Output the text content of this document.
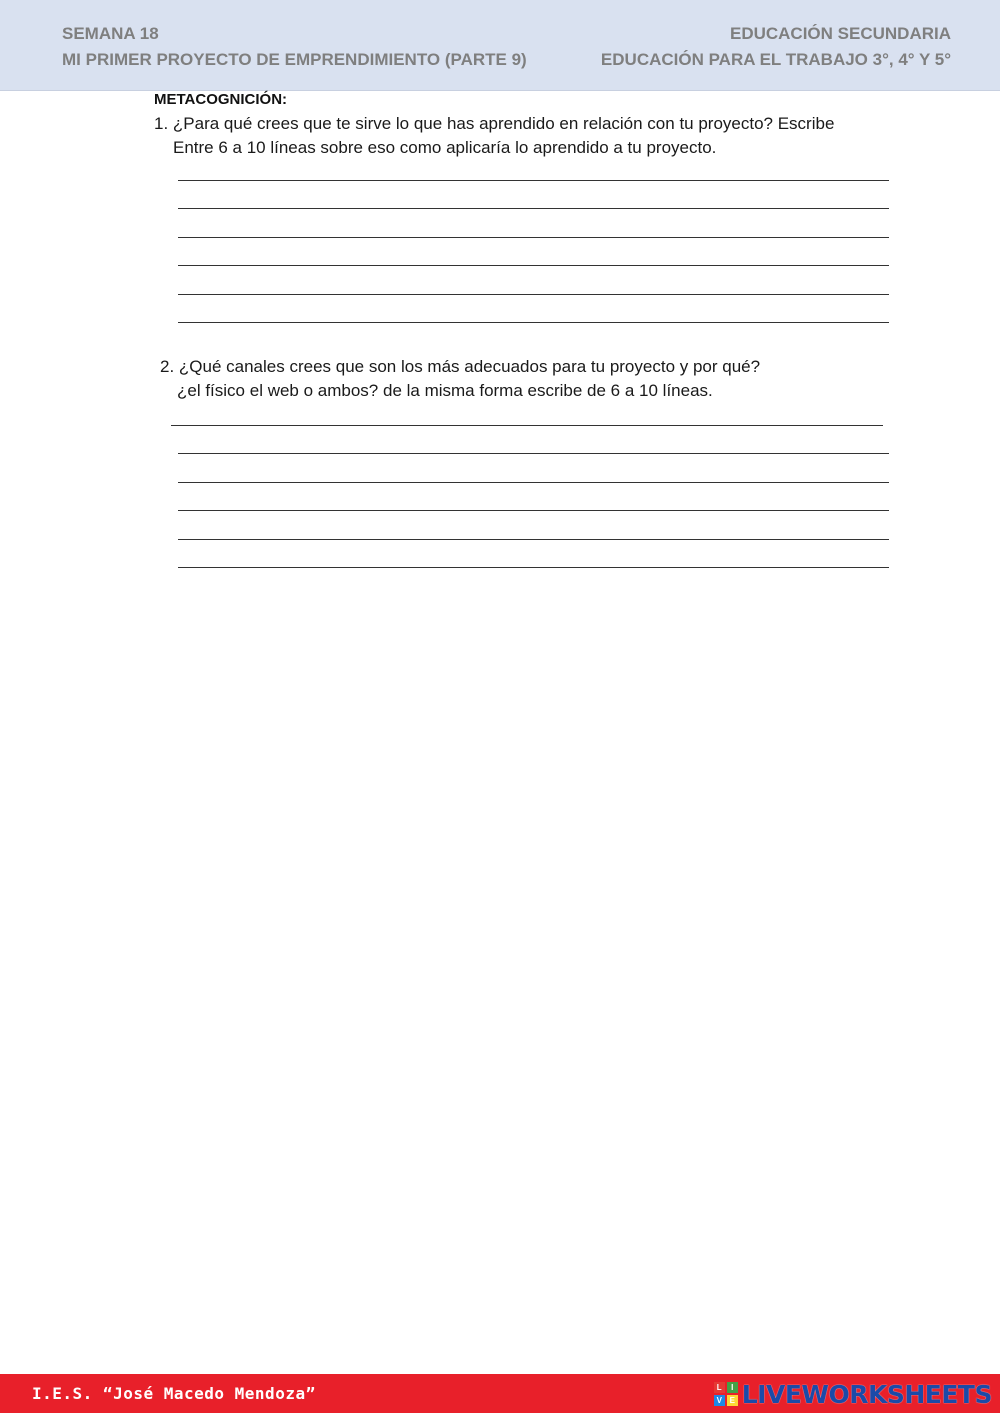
SEMANA 18
MI PRIMER PROYECTO DE EMPRENDIMIENTO (PARTE 9)
EDUCACIÓN SECUNDARIA
EDUCACIÓN PARA EL TRABAJO 3°, 4° Y 5°
METACOGNICIÓN:
1. ¿Para qué crees que te sirve lo que has aprendido en relación con tu proyecto? Escribe
Entre 6 a 10 líneas sobre eso como aplicaría lo aprendido a tu proyecto.
2. ¿Qué canales crees que son los más adecuados para tu proyecto y por qué?
¿el físico el web o ambos? de la misma forma escribe de 6 a 10 líneas.
I.E.S. “José Macedo Mendoza”	L	I
V E LIVEWORKSHEETS
